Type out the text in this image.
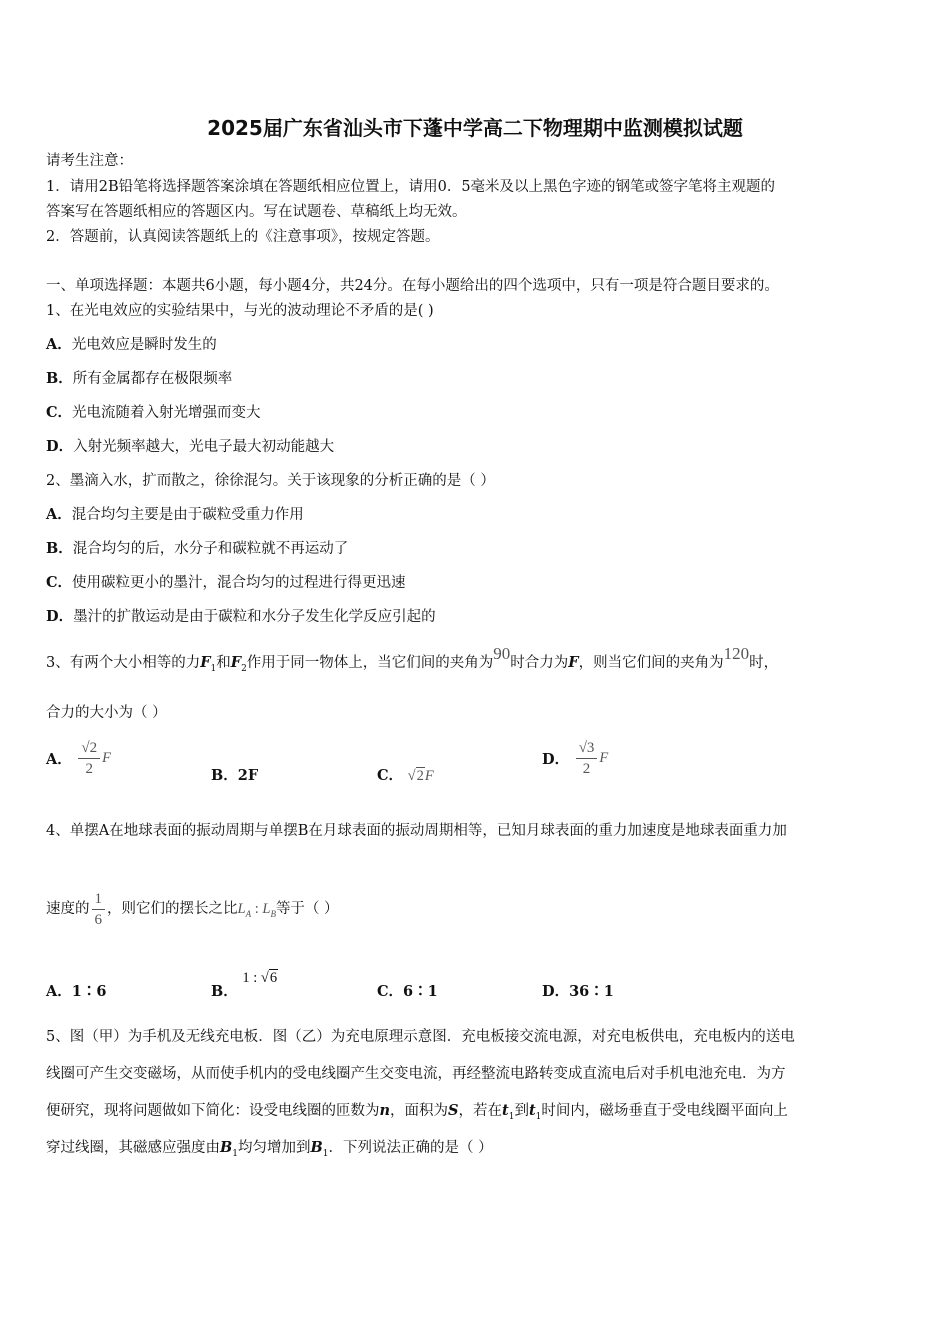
2025届广东省汕头市下蓬中学高二下物理期中监测模拟试题
请考生注意：
1．请用2B铅笔将选择题答案涂填在答题纸相应位置上，请用0．5毫米及以上黑色字迹的钢笔或签字笔将主观题的
答案写在答题纸相应的答题区内。写在试题卷、草稿纸上均无效。
2．答题前，认真阅读答题纸上的《注意事项》，按规定答题。
一、单项选择题：本题共6小题，每小题4分，共24分。在每小题给出的四个选项中，只有一项是符合题目要求的。
1、在光电效应的实验结果中，与光的波动理论不矛盾的是( )
A．光电效应是瞬时发生的
B．所有金属都存在极限频率
C．光电流随着入射光增强而变大
D．入射光频率越大，光电子最大初动能越大
2、墨滴入水，扩而散之，徐徐混匀。关于该现象的分析正确的是（ ）
A．混合均匀主要是由于碳粒受重力作用
B．混合均匀的后，水分子和碳粒就不再运动了
C．使用碳粒更小的墨汁，混合均匀的过程进行得更迅速
D．墨汁的扩散运动是由于碳粒和水分子发生化学反应引起的
3、有两个大小相等的力$F_1$和$F_2$作用于同一物体上，当它们间的夹角为90时合力为F，则当它们间的夹角为120时，
合力的大小为（ ）
A． $\frac{√2}{2}$ F
B．2F	C． √2F
D． $\frac{√3}{2}$ F
4、单摆A在地球表面的振动周期与单摆B在月球表面的振动周期相等，已知月球表面的重力加速度是地球表面重力加
速度的 $\frac{1}{6}$ ，则它们的摆长之比$L_A$ : $L_B$等于（ ）
A．1∶6	B． 1 : √6
C．6∶1	D．36∶1
5、图（甲）为手机及无线充电板．图（乙）为充电原理示意图．充电板接交流电源，对充电板供电，充电板内的送电
线圈可产生交变磁场，从而使手机内的受电线圈产生交变电流，再经整流电路转变成直流电后对手机电池充电．为方
便研究，现将问题做如下简化：设受电线圈的匝数为n，面积为S，若在$t_1$到$t_1$时间内，磁场垂直于受电线圈平面向上
穿过线圈，其磁感应强度由$B_1$均匀增加到$B_1$．下列说法正确的是（ ）
